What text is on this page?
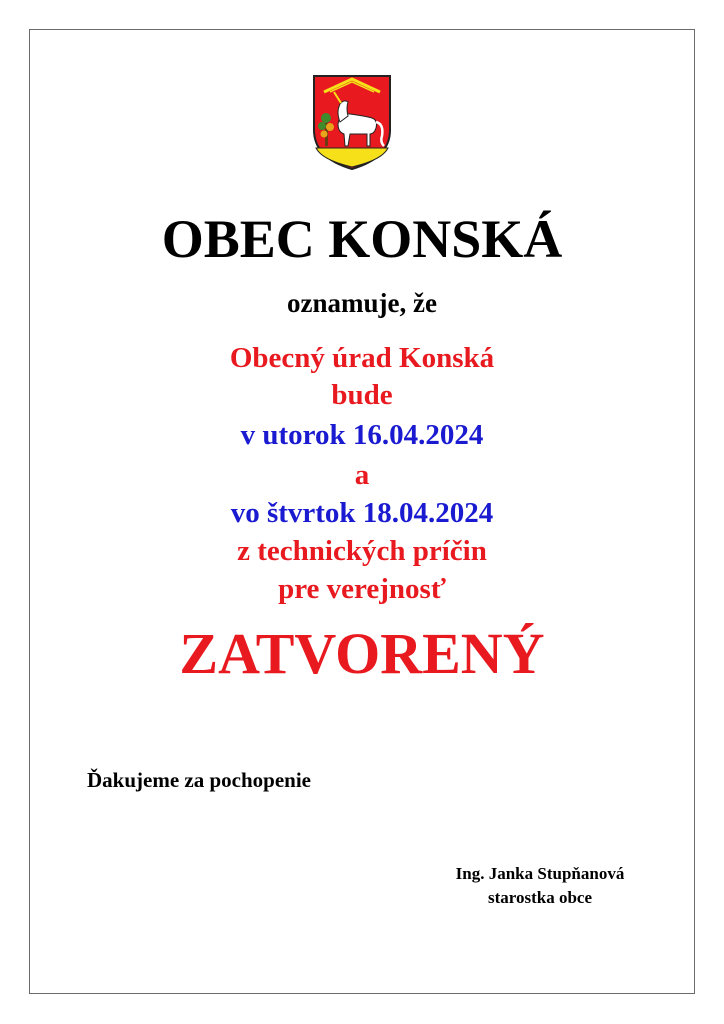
OBEC KONSKÁ
oznamuje, že
Obecný úrad Konská
bude
v utorok 16.04.2024
a
vo štvrtok 18.04.2024
z technických príčin
pre verejnosť
ZATVORENÝ
Ďakujeme za pochopenie
Ing. Janka Stupňanová
starostka obce
